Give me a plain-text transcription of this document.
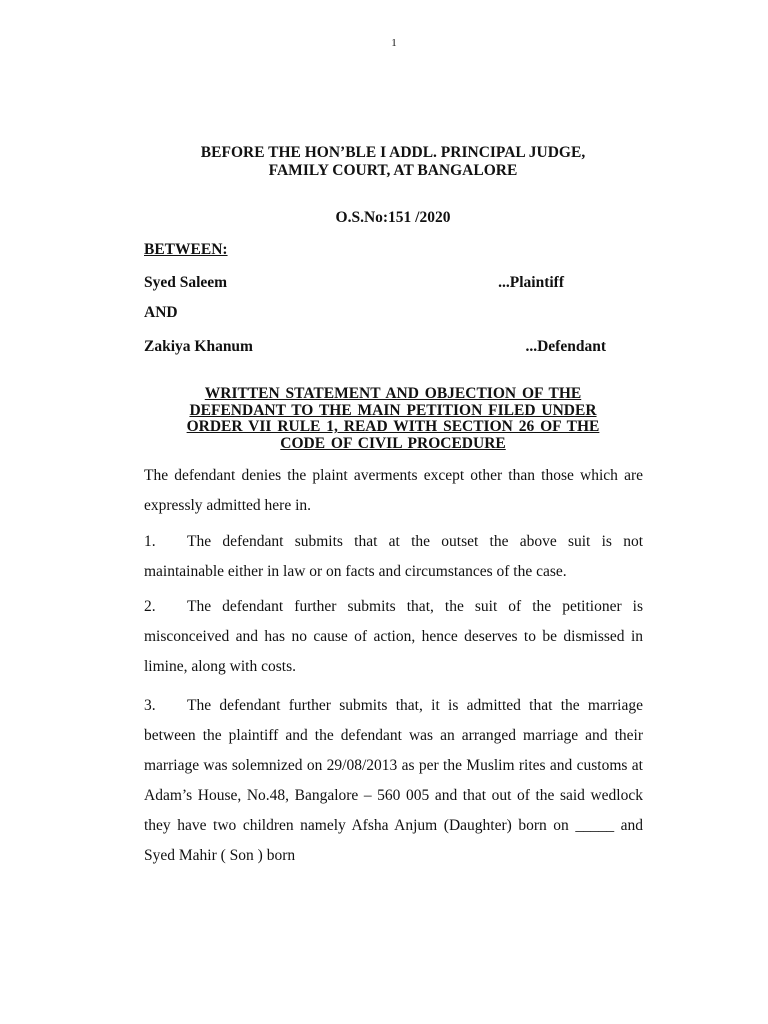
1
BEFORE THE HON’BLE I ADDL. PRINCIPAL JUDGE,
FAMILY COURT, AT BANGALORE
O.S.No:151 /2020
BETWEEN:
Syed Saleem	...Plaintiff
AND
Zakiya Khanum	...Defendant
WRITTEN STATEMENT AND OBJECTION OF THE
DEFENDANT TO THE MAIN PETITION FILED UNDER
ORDER VII RULE 1, READ WITH SECTION 26 OF THE
CODE OF CIVIL PROCEDURE

The defendant denies the plaint averments except other than those which are expressly admitted here in.

1. The defendant submits that at the outset the above suit is not maintainable either in law or on facts and circumstances of the case.

2. The defendant further submits that, the suit of the petitioner is misconceived and has no cause of action, hence deserves to be dismissed in limine, along with costs.

3. The defendant further submits that, it is admitted that the marriage between the plaintiff and the defendant was an arranged marriage and their marriage was solemnized on 29/08/2013 as per the Muslim rites and customs at Adam’s House, No.48, Bangalore – 560 005 and that out of the said wedlock they have two children namely Afsha Anjum (Daughter) born on _____ and Syed Mahir ( Son ) born
